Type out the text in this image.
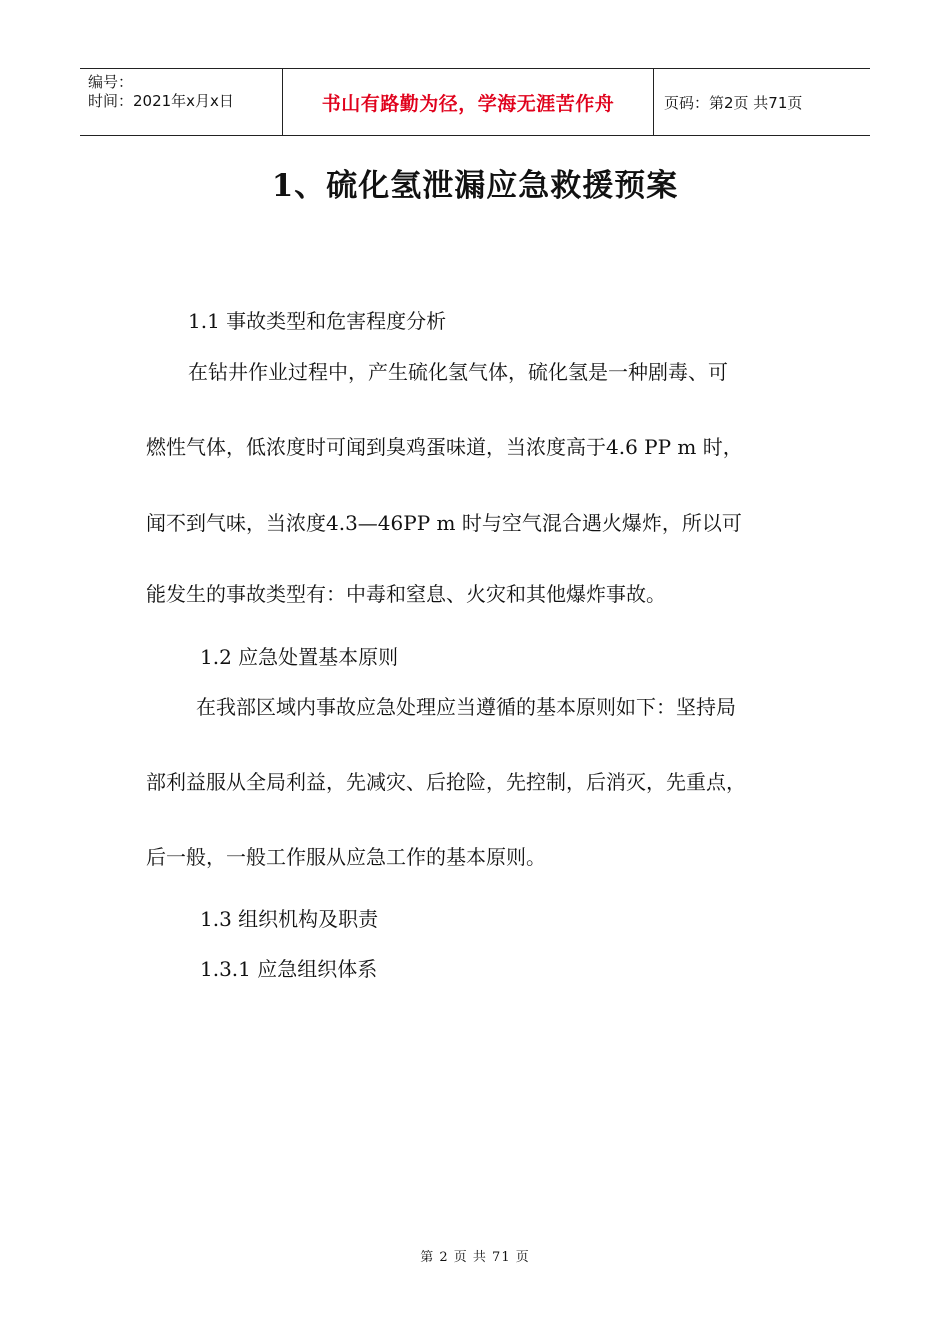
编号：
时间：2021年x月x日	书山有路勤为径，学海无涯苦作舟	页码：第2页 共71页
1、硫化氢泄漏应急救援预案

1.1 事故类型和危害程度分析

在钻井作业过程中，产生硫化氢气体，硫化氢是一种剧毒、可

燃性气体，低浓度时可闻到臭鸡蛋味道，当浓度高于4.6 PP m 时，

闻不到气味，当浓度4.3—46PP m 时与空气混合遇火爆炸，所以可

能发生的事故类型有：中毒和窒息、火灾和其他爆炸事故。

1.2 应急处置基本原则

在我部区域内事故应急处理应当遵循的基本原则如下：坚持局

部利益服从全局利益，先减灾、后抢险，先控制，后消灭，先重点，

后一般，一般工作服从应急工作的基本原则。

1.3 组织机构及职责

1.3.1 应急组织体系

第 2 页 共 71 页
